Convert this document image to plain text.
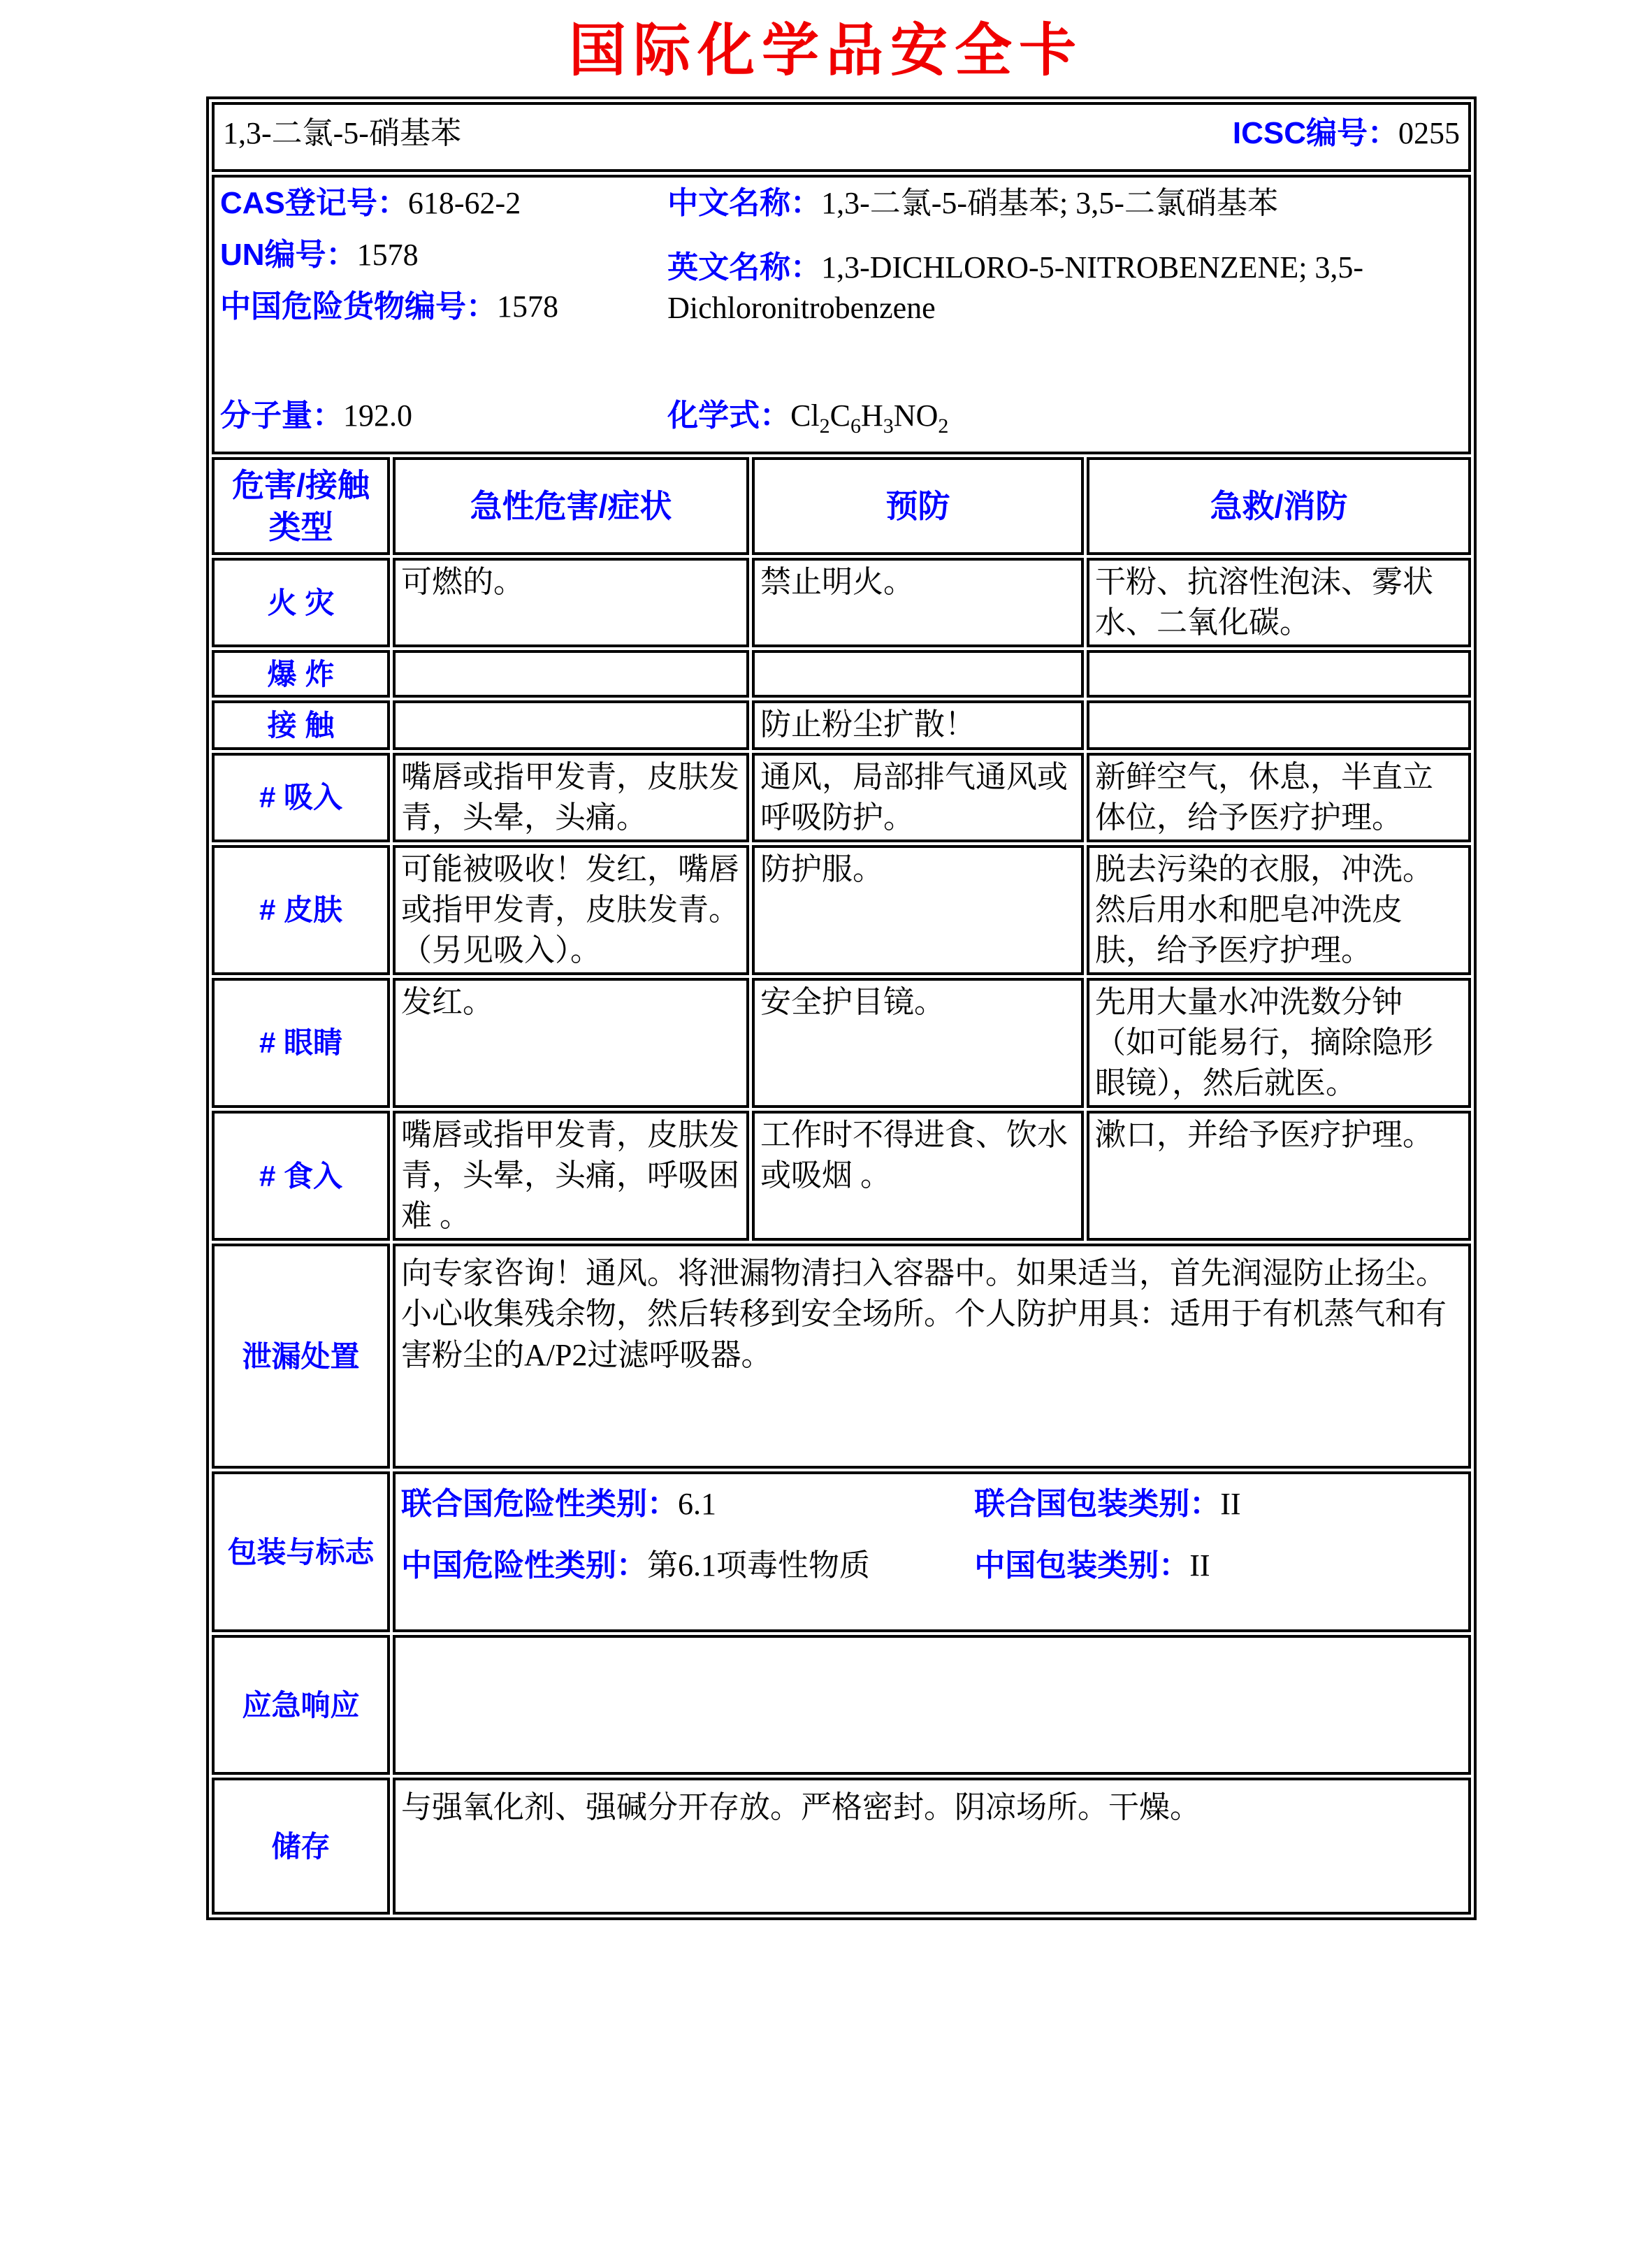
国际化学品安全卡
1,3-二氯-5-硝基苯 ICSC编号：0255			

CAS登记号：618-62-2
UN编号：1578
中国危险货物编号：1578
中文名称：1,3-二氯-5-硝基苯; 3,5-二氯硝基苯
英文名称：1,3-DICHLORO-5-NITROBENZENE; 3,5-Dichloronitrobenzene
分子量：192.0	化学式：$Cl_2C_6H_3NO_2$

危害/接触类型	急性危害/症状	预防	急救/消防
火 灾	可燃的。	禁止明火。	干粉、抗溶性泡沫、雾状水、二氧化碳。
爆 炸			
接 触		防止粉尘扩散！	
# 吸入	嘴唇或指甲发青，皮肤发青，头晕，头痛。	通风，局部排气通风或呼吸防护。	新鲜空气，休息，半直立体位，给予医疗护理。
# 皮肤	可能被吸收！发红，嘴唇或指甲发青，皮肤发青。（另见吸入）。	防护服。	脱去污染的衣服，冲洗。然后用水和肥皂冲洗皮肤，给予医疗护理。
# 眼睛	发红。	安全护目镜。	先用大量水冲洗数分钟（如可能易行，摘除隐形眼镜），然后就医。
# 食入	嘴唇或指甲发青，皮肤发青，头晕，头痛，呼吸困难 。	工作时不得进食、饮水或吸烟 。	漱口，并给予医疗护理。
泄漏处置	向专家咨询！通风。将泄漏物清扫入容器中。如果适当，首先润湿防止扬尘。小心收集残余物，然后转移到安全场所。个人防护用具：适用于有机蒸气和有害粉尘的A/P2过滤呼吸器。		

包装与标志	联合国危险性类别：6.1 联合国包装类别：II
中国危险性类别：第6.1项毒性物质 中国包装类别：II		

应急响应			
储存	与强氧化剂、强碱分开存放。严格密封。阴凉场所。干燥。		
